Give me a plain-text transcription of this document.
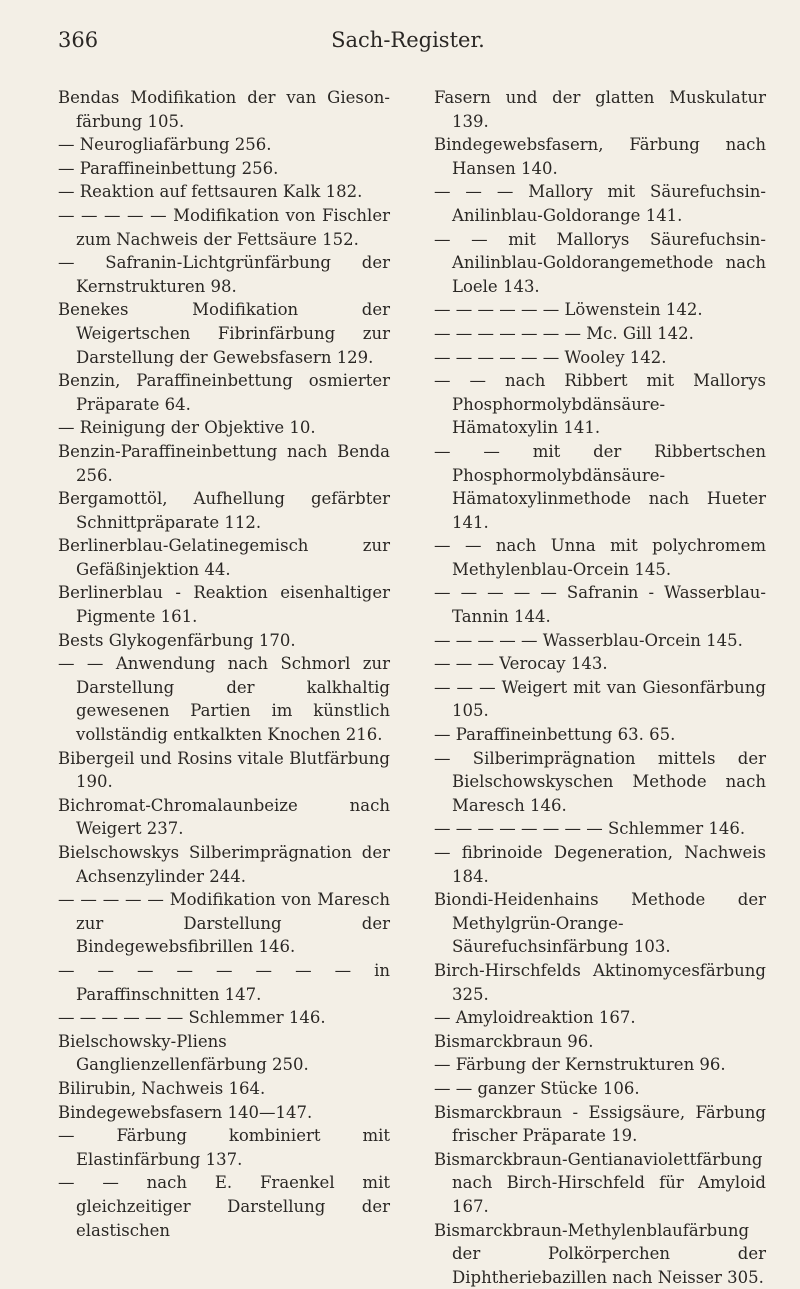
366	Sach-Register.

Bendas Modifikation der van Gieson-färbung 105.

— Neurogliafärbung 256.

— Paraffineinbettung 256.

— Reaktion auf fettsauren Kalk 182.

— — — — — Modifikation von Fischler zum Nachweis der Fettsäure 152.

— Safranin-Lichtgrünfärbung der Kernstrukturen 98.

Benekes Modifikation der Weigertschen Fibrinfärbung zur Darstellung der Gewebsfasern 129.

Benzin, Paraffineinbettung osmierter Präparate 64.

— Reinigung der Objektive 10.

Benzin-Paraffineinbettung nach Benda 256.

Bergamottöl, Aufhellung gefärbter Schnittpräparate 112.

Berlinerblau-Gelatinegemisch zur Gefäßinjektion 44.

Berlinerblau - Reaktion eisenhaltiger Pigmente 161.

Bests Glykogenfärbung 170.

— — Anwendung nach Schmorl zur Darstellung der kalkhaltig gewesenen Partien im künstlich vollständig entkalkten Knochen 216.

Bibergeil und Rosins vitale Blutfärbung 190.

Bichromat-Chromalaunbeize nach Weigert 237.

Bielschowskys Silberimprägnation der Achsenzylinder 244.

— — — — — Modifikation von Maresch zur Darstellung der Bindegewebsfibrillen 146.

— — — — — — — — in Paraffinschnitten 147.

— — — — — — Schlemmer 146.

Bielschowsky-Pliens Ganglienzellenfärbung 250.

Bilirubin, Nachweis 164.

Bindegewebsfasern 140—147.

— Färbung kombiniert mit Elastinfärbung 137.

— — nach E. Fraenkel mit gleichzeitiger Darstellung der elastischen

Fasern und der glatten Muskulatur 139.

Bindegewebsfasern, Färbung nach Hansen 140.

— — — Mallory mit Säurefuchsin-Anilinblau-Goldorange 141.

— — mit Mallorys Säurefuchsin-Anilinblau-Goldorangemethode nach Loele 143.

— — — — — — Löwenstein 142.

— — — — — — — Mc. Gill 142.

— — — — — — Wooley 142.

— — nach Ribbert mit Mallorys Phosphormolybdänsäure-Hämatoxylin 141.

— — mit der Ribbertschen Phosphormolybdänsäure-Hämatoxylinmethode nach Hueter 141.

— — nach Unna mit polychromem Methylenblau-Orcein 145.

— — — — — Safranin - Wasserblau-Tannin 144.

— — — — — Wasserblau-Orcein 145.

— — — Verocay 143.

— — — Weigert mit van Giesonfärbung 105.

— Paraffineinbettung 63. 65.

— Silberimprägnation mittels der Bielschowskyschen Methode nach Maresch 146.

— — — — — — — — Schlemmer 146.

— fibrinoide Degeneration, Nachweis 184.

Biondi-Heidenhains Methode der Methylgrün-Orange-Säurefuchsinfärbung 103.

Birch-Hirschfelds Aktinomycesfärbung 325.

— Amyloidreaktion 167.

Bismarckbraun 96.

— Färbung der Kernstrukturen 96.

— — ganzer Stücke 106.

Bismarckbraun - Essigsäure, Färbung frischer Präparate 19.

Bismarckbraun-Gentianaviolettfärbung nach Birch-Hirschfeld für Amyloid 167.

Bismarckbraun-Methylenblaufärbung der Polkörperchen der Diphtheriebazillen nach Neisser 305.
